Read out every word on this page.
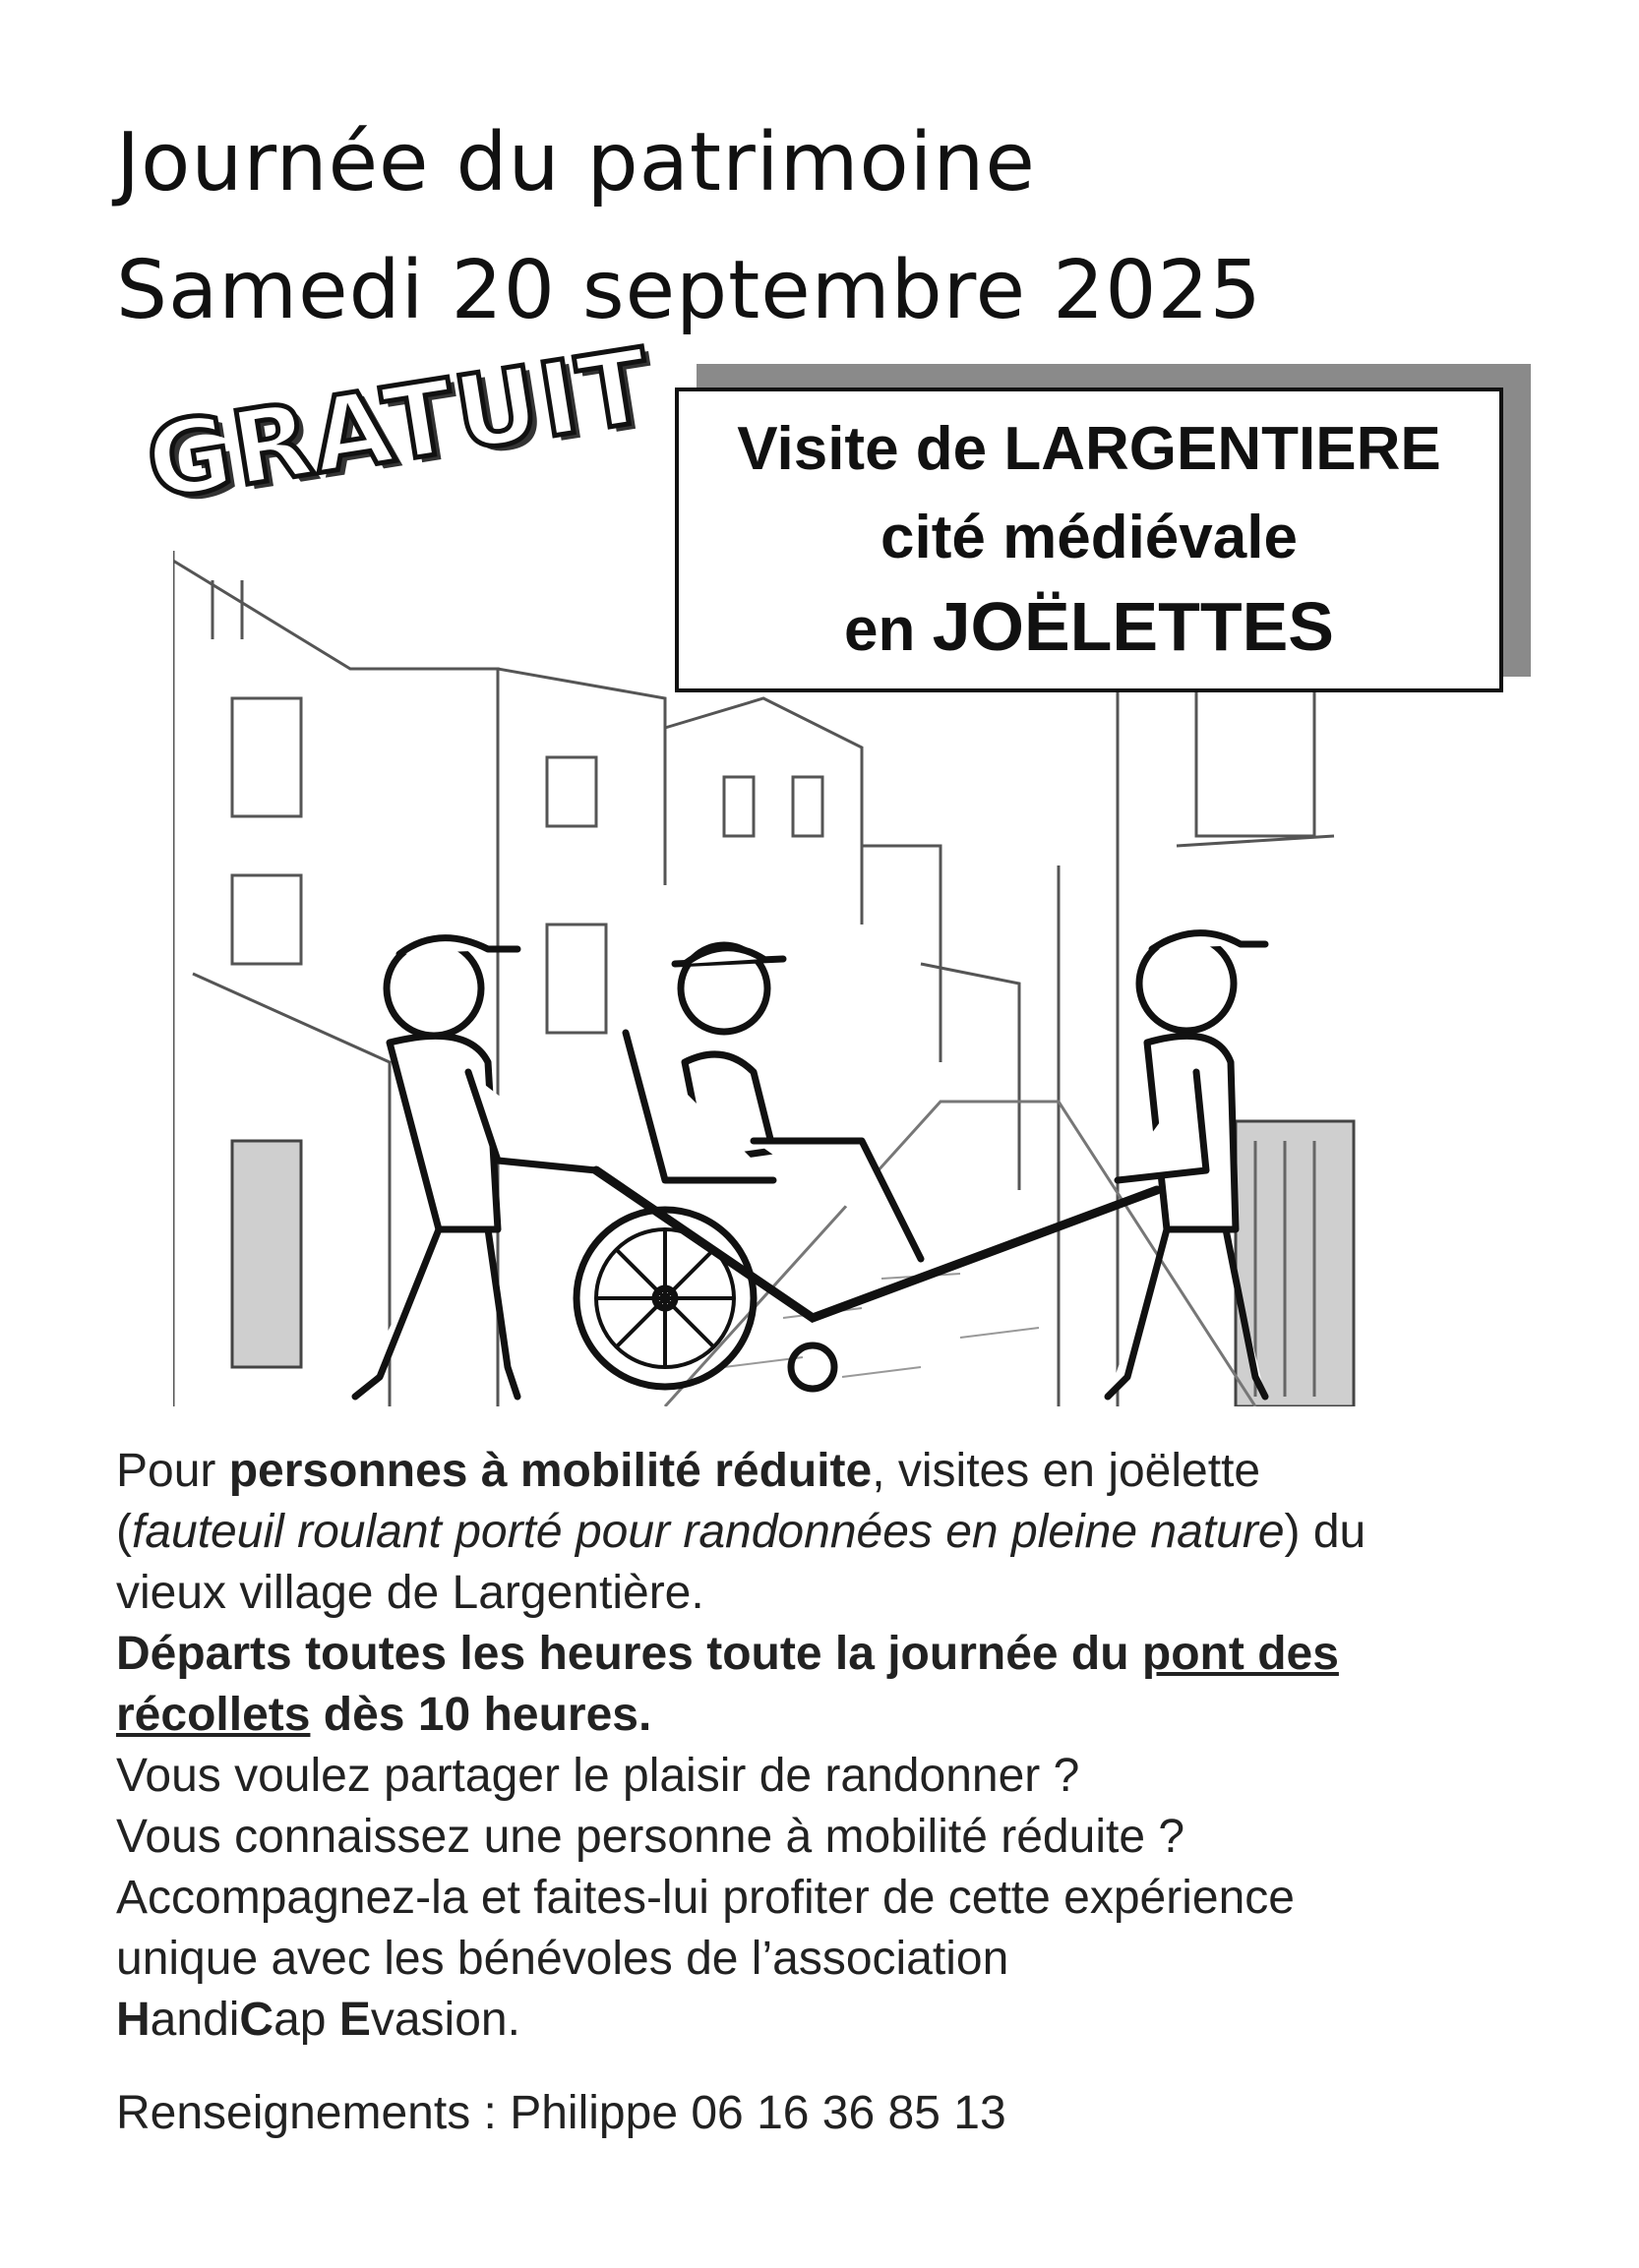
Journée du patrimoine
Samedi 20 septembre 2025
Visite de LARGENTIERE
cité médiévale
en JOËLETTES
GRATUIT

Pour personnes à mobilité réduite, visites en joëlette
(fauteuil roulant porté pour randonnées en pleine nature) du
vieux village de Largentière.

Départs toutes les heures toute la journée du pont des
récollets dès 10 heures.

Vous voulez partager le plaisir de randonner ?

Vous connaissez une personne à mobilité réduite ?

Accompagnez-la et faites-lui profiter de cette expérience
unique avec les bénévoles de l’association
HandiCap Evasion.

Renseignements : Philippe 06 16 36 85 13
